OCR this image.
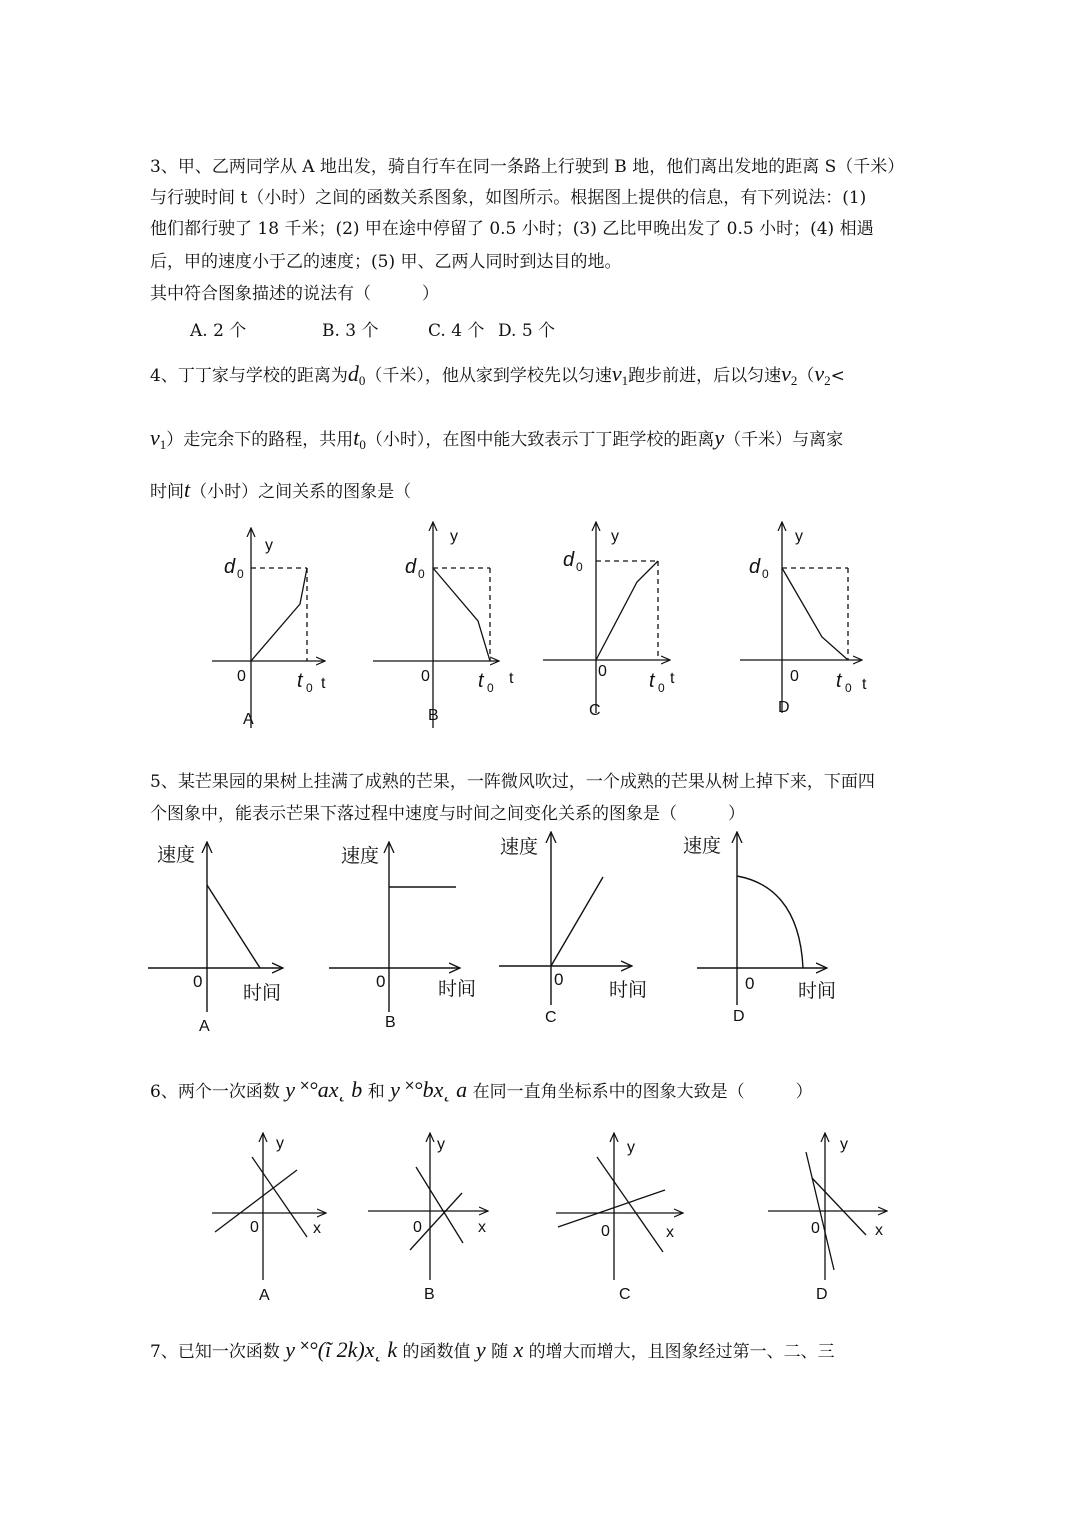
3、甲、乙两同学从 A 地出发，骑自行车在同一条路上行驶到 B 地，他们离出发地的距离 S（千米）
与行驶时间 t（小时）之间的函数关系图象，如图所示。根据图上提供的信息，有下列说法：(1)
他们都行驶了 18 千米；(2) 甲在途中停留了 0.5 小时；(3) 乙比甲晚出发了 0.5 小时；(4) 相遇
后，甲的速度小于乙的速度；(5) 甲、乙两人同时到达目的地。
其中符合图象描述的说法有（　　　）
A. 2 个	B. 3 个	C. 4 个 D. 5 个
4、丁丁家与学校的距离为$d_0$（千米），他从家到学校先以匀速$v_1$跑步前进，后以匀速$v_2(v_2<$
$v_1$）走完余下的路程，共用$t_0$（小时），在图中能大致表示丁丁距学校的距离y（千米）与离家
时间t（小时）之间关系的图象是（
y
d 0
0	t 0 t
A
y
d 0
0 t 0
t
B
y
d 0
0 t 0
t
C
y
d 0
0 t 0 t
D
5、某芒果园的果树上挂满了成熟的芒果，一阵微风吹过，一个成熟的芒果从树上掉下来，下面四
个图象中，能表示芒果下落过程中速度与时间之间变化关系的图象是（　　　）
速度
0
时间
A
速度
0	时间
B
速度
0
时间
C
速度
0 时间
D
6、两个一次函数 y ˟°ax˛ b 和 y ˟°bx˛ a 在同一直角坐标系中的图象大致是（　　　）
y
0	x
A
y
0	x
B
y
0	x
C
y
0	x
D
7、已知一次函数 y ˟°(ĩ 2k)x˛ k 的函数值 y 随 x 的增大而增大，且图象经过第一、二、三
